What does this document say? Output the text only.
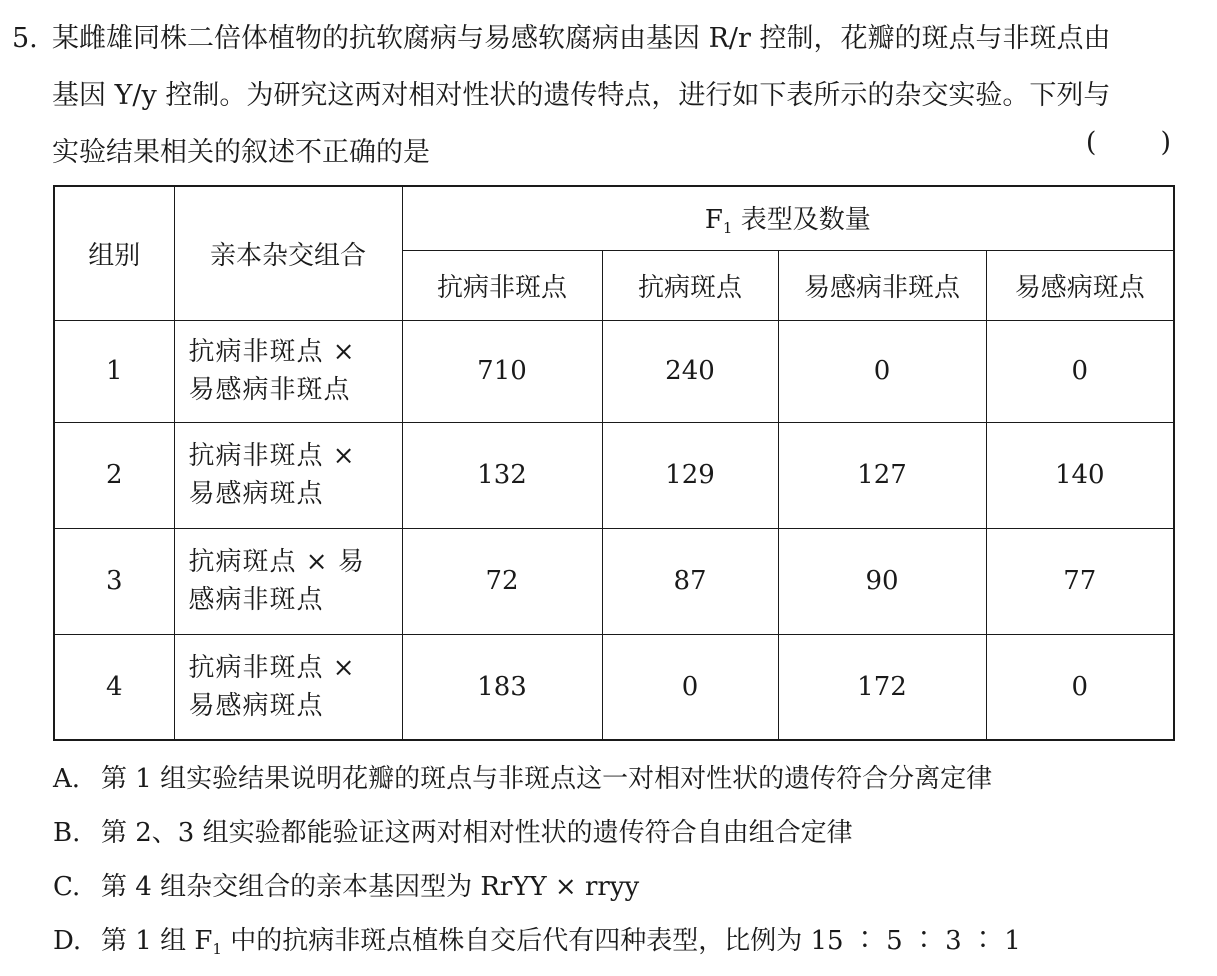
5. 某雌雄同株二倍体植物的抗软腐病与易感软腐病由基因 R/r 控制，花瓣的斑点与非斑点由
基因 Y/y 控制。为研究这两对相对性状的遗传特点，进行如下表所示的杂交实验。下列与
实验结果相关的叙述不正确的是	( )
组别	亲本杂交组合	F1 表型及数量			
		抗病非斑点	抗病斑点	易感病非斑点	易感病斑点
1	抗病非斑点 ×
易感病非斑点	710	240	0	0
2	抗病非斑点 ×
易感病斑点	132	129	127	140
3	抗病斑点 × 易
感病非斑点	72	87	90	77
4	抗病非斑点 ×
易感病斑点	183	0	172	0
A. 第 1 组实验结果说明花瓣的斑点与非斑点这一对相对性状的遗传符合分离定律
B. 第 2、3 组实验都能验证这两对相对性状的遗传符合自由组合定律
C. 第 4 组杂交组合的亲本基因型为 RrYY × rryy
D. 第 1 组 F1 中的抗病非斑点植株自交后代有四种表型，比例为 15 ∶ 5 ∶ 3 ∶ 1
